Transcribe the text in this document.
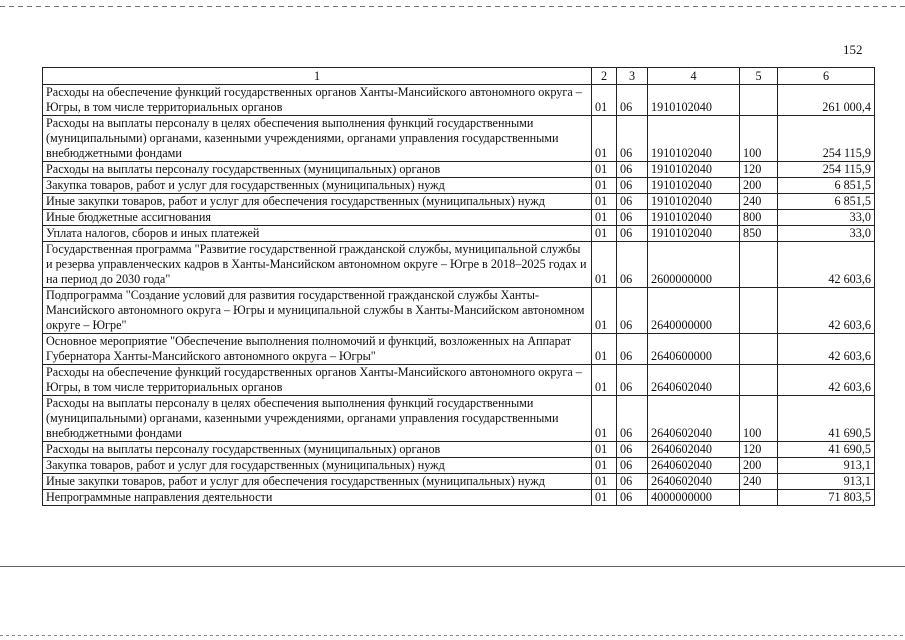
152
1	2	3	4	5	6
Расходы на обеспечение функций государственных органов Ханты-Мансийского автономного округа – Югры, в том числе территориальных органов	01	06	1910102040		261 000,4
Расходы на выплаты персоналу в целях обеспечения выполнения функций государственными (муниципальными) органами, казенными учреждениями, органами управления государственными внебюджетными фондами	01	06	1910102040	100	254 115,9
Расходы на выплаты персоналу государственных (муниципальных) органов	01	06	1910102040	120	254 115,9
Закупка товаров, работ и услуг для государственных (муниципальных) нужд	01	06	1910102040	200	6 851,5
Иные закупки товаров, работ и услуг для обеспечения государственных (муниципальных) нужд	01	06	1910102040	240	6 851,5
Иные бюджетные ассигнования	01	06	1910102040	800	33,0
Уплата налогов, сборов и иных платежей	01	06	1910102040	850	33,0
Государственная программа "Развитие государственной гражданской службы, муниципальной службы и резерва управленческих кадров в Ханты-Мансийском автономном округе – Югре в 2018–2025 годах и на период до 2030 года"	01	06	2600000000		42 603,6
Подпрограмма "Создание условий для развития государственной гражданской службы Ханты-Мансийского автономного округа – Югры и муниципальной службы в Ханты-Мансийском автономном округе – Югре"	01	06	2640000000		42 603,6
Основное мероприятие "Обеспечение выполнения полномочий и функций, возложенных на Аппарат Губернатора Ханты-Мансийского автономного округа – Югры"	01	06	2640600000		42 603,6
Расходы на обеспечение функций государственных органов Ханты-Мансийского автономного округа – Югры, в том числе территориальных органов	01	06	2640602040		42 603,6
Расходы на выплаты персоналу в целях обеспечения выполнения функций государственными (муниципальными) органами, казенными учреждениями, органами управления государственными внебюджетными фондами	01	06	2640602040	100	41 690,5
Расходы на выплаты персоналу государственных (муниципальных) органов	01	06	2640602040	120	41 690,5
Закупка товаров, работ и услуг для государственных (муниципальных) нужд	01	06	2640602040	200	913,1
Иные закупки товаров, работ и услуг для обеспечения государственных (муниципальных) нужд	01	06	2640602040	240	913,1
Непрограммные направления деятельности	01	06	4000000000		71 803,5
